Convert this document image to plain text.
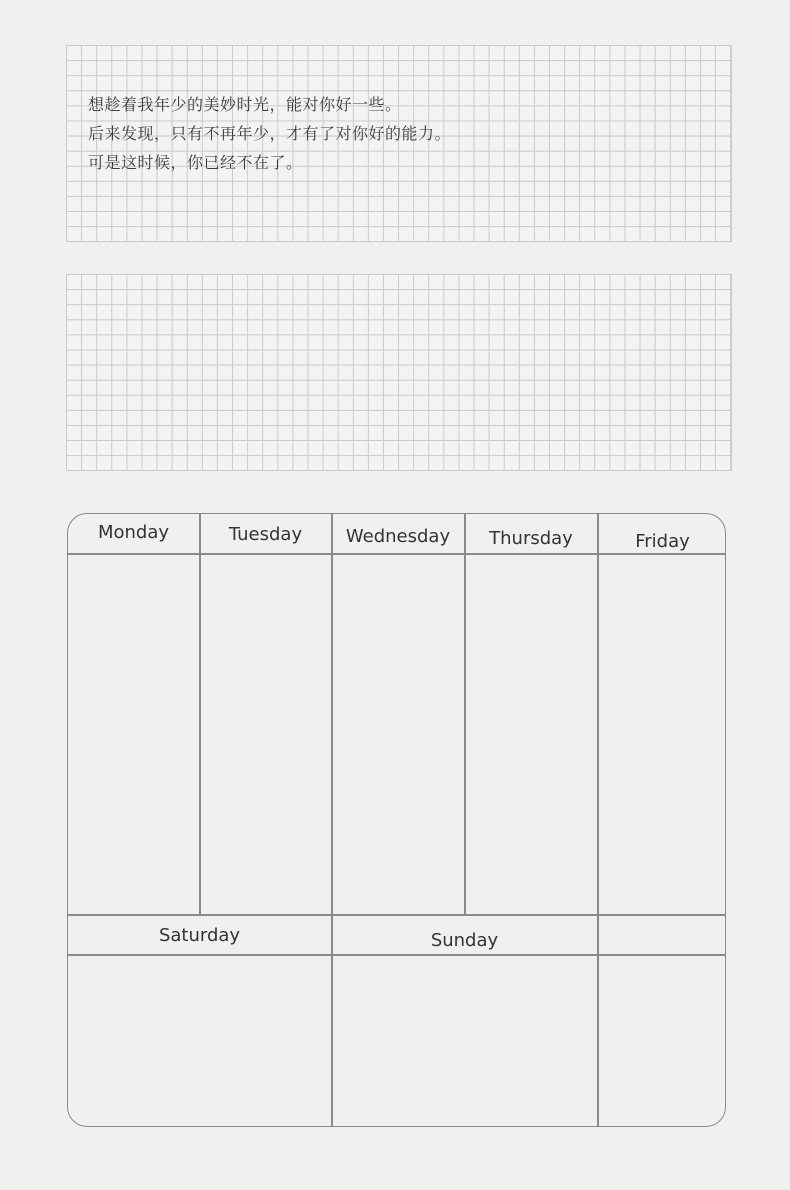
想趁着我年少的美妙时光，能对你好一些。
后来发现，只有不再年少，才有了对你好的能力。
可是这时候，你已经不在了。
Monday	Tuesday	Wednesday	Thursday	Friday
Saturday	Sunday
